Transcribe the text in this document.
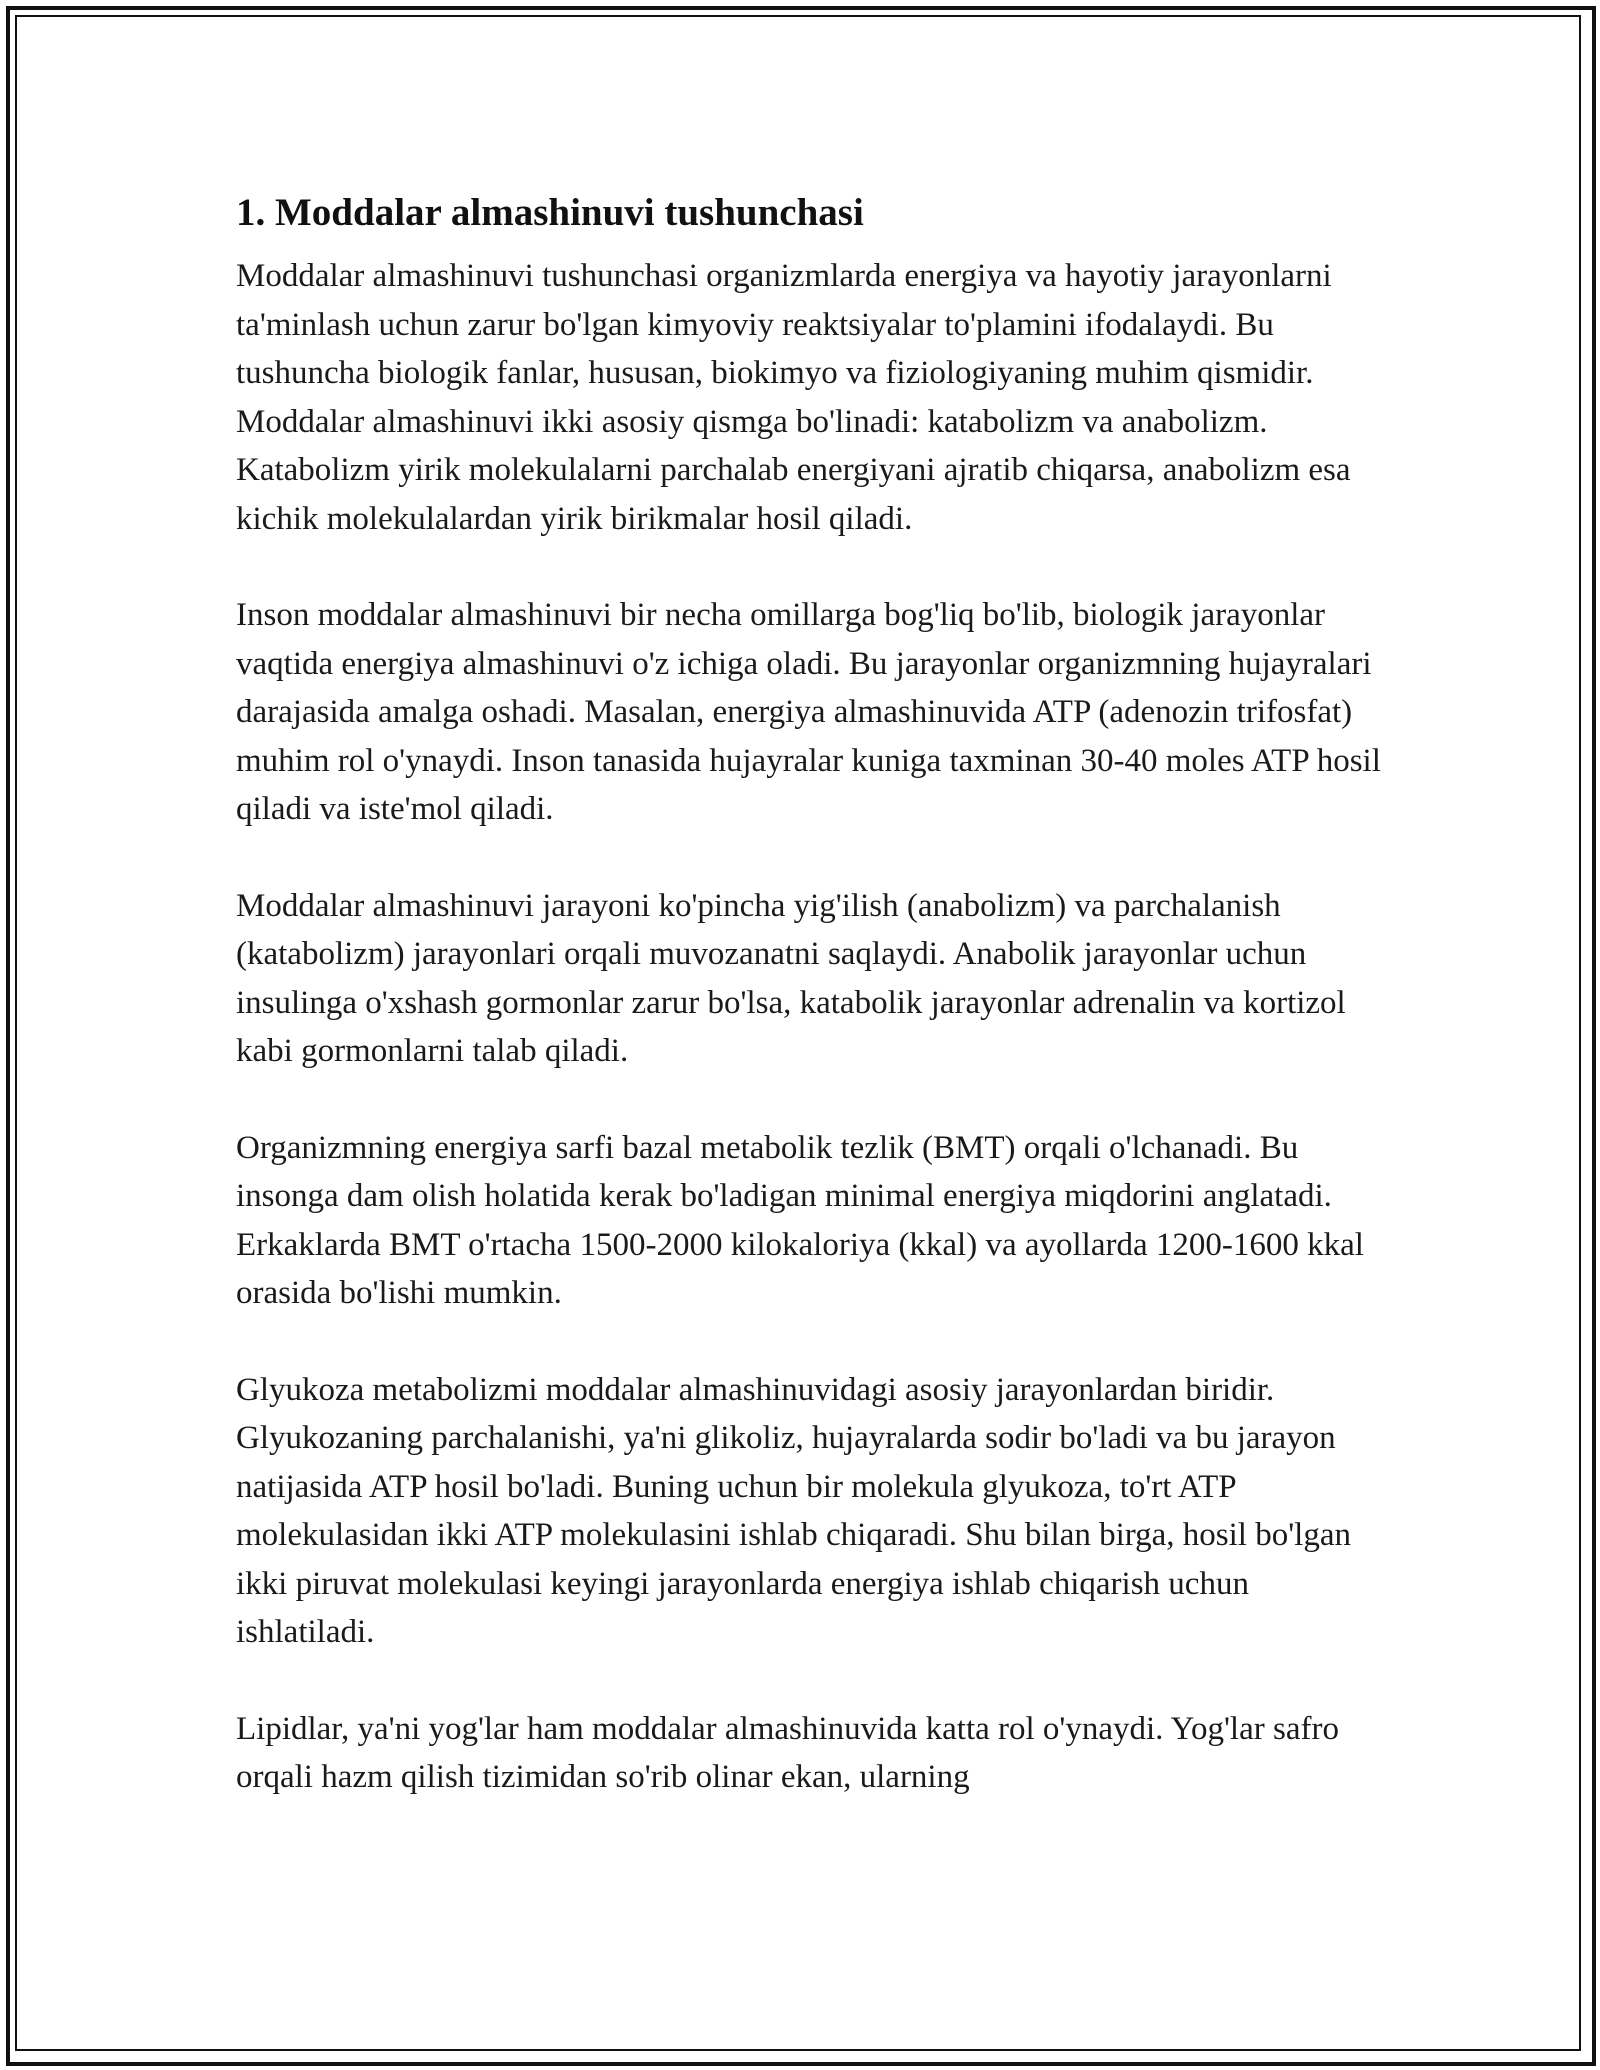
1. Moddalar almashinuvi tushunchasi

Moddalar almashinuvi tushunchasi organizmlarda energiya va hayotiy jarayonlarni ta'minlash uchun zarur bo'lgan kimyoviy reaktsiyalar to'plamini ifodalaydi. Bu tushuncha biologik fanlar, hususan, biokimyo va fiziologiyaning muhim qismidir. Moddalar almashinuvi ikki asosiy qismga bo'linadi: katabolizm va anabolizm. Katabolizm yirik molekulalarni parchalab energiyani ajratib chiqarsa, anabolizm esa kichik molekulalardan yirik birikmalar hosil qiladi.

Inson moddalar almashinuvi bir necha omillarga bog'liq bo'lib, biologik jarayonlar vaqtida energiya almashinuvi o'z ichiga oladi. Bu jarayonlar organizmning hujayralari darajasida amalga oshadi. Masalan, energiya almashinuvida ATP (adenozin trifosfat) muhim rol o'ynaydi. Inson tanasida hujayralar kuniga taxminan 30-40 moles ATP hosil qiladi va iste'mol qiladi.

Moddalar almashinuvi jarayoni ko'pincha yig'ilish (anabolizm) va parchalanish (katabolizm) jarayonlari orqali muvozanatni saqlaydi. Anabolik jarayonlar uchun insulinga o'xshash gormonlar zarur bo'lsa, katabolik jarayonlar adrenalin va kortizol kabi gormonlarni talab qiladi.

Organizmning energiya sarfi bazal metabolik tezlik (BMT) orqali o'lchanadi. Bu insonga dam olish holatida kerak bo'ladigan minimal energiya miqdorini anglatadi. Erkaklarda BMT o'rtacha 1500-2000 kilokaloriya (kkal) va ayollarda 1200-1600 kkal orasida bo'lishi mumkin.

Glyukoza metabolizmi moddalar almashinuvidagi asosiy jarayonlardan biridir. Glyukozaning parchalanishi, ya'ni glikoliz, hujayralarda sodir bo'ladi va bu jarayon natijasida ATP hosil bo'ladi. Buning uchun bir molekula glyukoza, to'rt ATP molekulasidan ikki ATP molekulasini ishlab chiqaradi. Shu bilan birga, hosil bo'lgan ikki piruvat molekulasi keyingi jarayonlarda energiya ishlab chiqarish uchun ishlatiladi.

Lipidlar, ya'ni yog'lar ham moddalar almashinuvida katta rol o'ynaydi. Yog'lar safro orqali hazm qilish tizimidan so'rib olinar ekan, ularning
